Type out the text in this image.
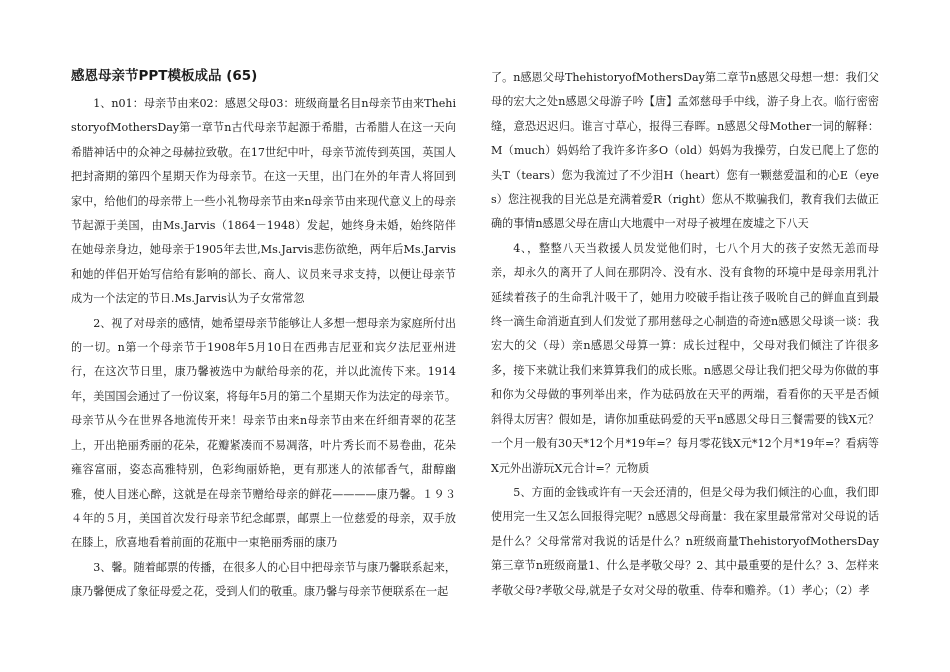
感恩母亲节PPT模板成品 (65)

1、n01：母亲节由来02：感恩父母03：班级商量名目n母亲节由来ThehistoryofMothersDay第一章节n古代母亲节起源于希腊，古希腊人在这一天向希腊神话中的众神之母赫拉致敬。在17世纪中叶，母亲节流传到英国，英国人把封斋期的第四个星期天作为母亲节。在这一天里，出门在外的年青人将回到家中，给他们的母亲带上一些小礼物母亲节由来n母亲节由来现代意义上的母亲节起源于美国，由Ms.Jarvis（1864－1948）发起，她终身未婚，始终陪伴在她母亲身边，她母亲于1905年去世,Ms.Jarvis悲伤欲绝，两年后Ms.Jarvis和她的伴侣开始写信给有影响的部长、商人、议员来寻求支持，以便让母亲节成为一个法定的节日.Ms.Jarvis认为子女常常忽

2、视了对母亲的感情，她希望母亲节能够让人多想一想母亲为家庭所付出的一切。n第一个母亲节于1908年5月10日在西弗吉尼亚和宾夕法尼亚州进行，在这次节日里，康乃馨被选中为献给母亲的花，并以此流传下来。1914年，美国国会通过了一份议案，将每年5月的第二个星期天作为法定的母亲节。母亲节从今在世界各地流传开来！母亲节由来n母亲节由来在纤细青翠的花茎上，开出艳丽秀丽的花朵，花瓣紧凑而不易凋落，叶片秀长而不易卷曲，花朵雍容富丽，姿态高雅特别，色彩绚丽娇艳，更有那迷人的浓郁香气，甜醇幽雅，使人目迷心醉，这就是在母亲节赠给母亲的鲜花————康乃馨。１９３４年的５月，美国首次发行母亲节纪念邮票，邮票上一位慈爱的母亲，双手放在膝上，欣喜地看着前面的花瓶中一束艳丽秀丽的康乃

3、馨。随着邮票的传播，在很多人的心目中把母亲节与康乃馨联系起来，康乃馨便成了象征母爱之花，受到人们的敬重。康乃馨与母亲节便联系在一起

了。n感恩父母ThehistoryofMothersDay第二章节n感恩父母想一想：我们父母的宏大之处n感恩父母游子吟【唐】孟郊慈母手中线，游子身上衣。临行密密缝，意恐迟迟归。谁言寸草心，报得三春晖。n感恩父母Mother一词的解释：M（much）妈妈给了我许多许多O（old）妈妈为我操劳，白发已爬上了您的头T（tears）您为我流过了不少泪H（heart）您有一颗慈爱温和的心E（eyes）您注视我的目光总是充满着爱R（right）您从不欺骗我们，教育我们去做正确的事情n感恩父母在唐山大地震中一对母子被埋在废墟之下八天

4、，整整八天当救援人员发觉他们时，七八个月大的孩子安然无恙而母亲，却永久的离开了人间在那阴冷、没有水、没有食物的环境中是母亲用乳汁延续着孩子的生命乳汁吸干了，她用力咬破手指让孩子吸吮自己的鲜血直到最终一滴生命消逝直到人们发觉了那用慈母之心制造的奇迹n感恩父母谈一谈：我宏大的父（母）亲n感恩父母算一算：成长过程中，父母对我们倾注了许很多多，接下来就让我们来算算我们的成长账。n感恩父母让我们把父母为你做的事和你为父母做的事列举出来，作为砝码放在天平的两端，看看你的天平是否倾斜得太厉害？假如是，请你加重砝码爱的天平n感恩父母日三餐需要的钱X元？一个月一般有30天*12个月*19年=？每月零花钱X元*12个月*19年=？看病等X元外出游玩X元合计=？元物质

5、方面的金钱或许有一天会还清的，但是父母为我们倾注的心血，我们即使用完一生又怎么回报得完呢？n感恩父母商量：我在家里最常常对父母说的话是什么？父母常常对我说的话是什么？n班级商量ThehistoryofMothersDay第三章节n班级商量1、什么是孝敬父母？2、其中最重要的是什么？3、怎样来孝敬父母?孝敬父母,就是子女对父母的敬重、侍奉和赡养。（1）孝心；（2）孝
